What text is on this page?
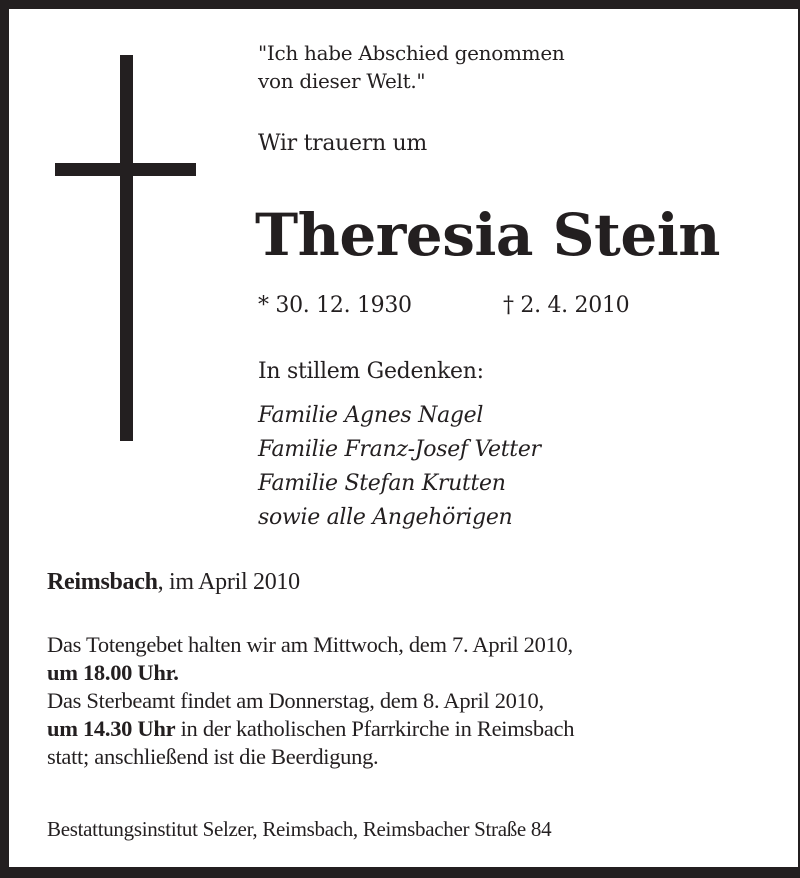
"Ich habe Abschied genommen
von dieser Welt."
Wir trauern um
Theresia Stein
* 30. 12. 1930	† 2. 4. 2010
In stillem Gedenken:
Familie Agnes Nagel
Familie Franz-Josef Vetter
Familie Stefan Krutten
sowie alle Angehörigen
Reimsbach, im April 2010
Das Totengebet halten wir am Mittwoch, dem 7. April 2010,
um 18.00 Uhr.
Das Sterbeamt findet am Donnerstag, dem 8. April 2010,
um 14.30 Uhr in der katholischen Pfarrkirche in Reimsbach
statt; anschließend ist die Beerdigung.
Bestattungsinstitut Selzer, Reimsbach, Reimsbacher Straße 84
